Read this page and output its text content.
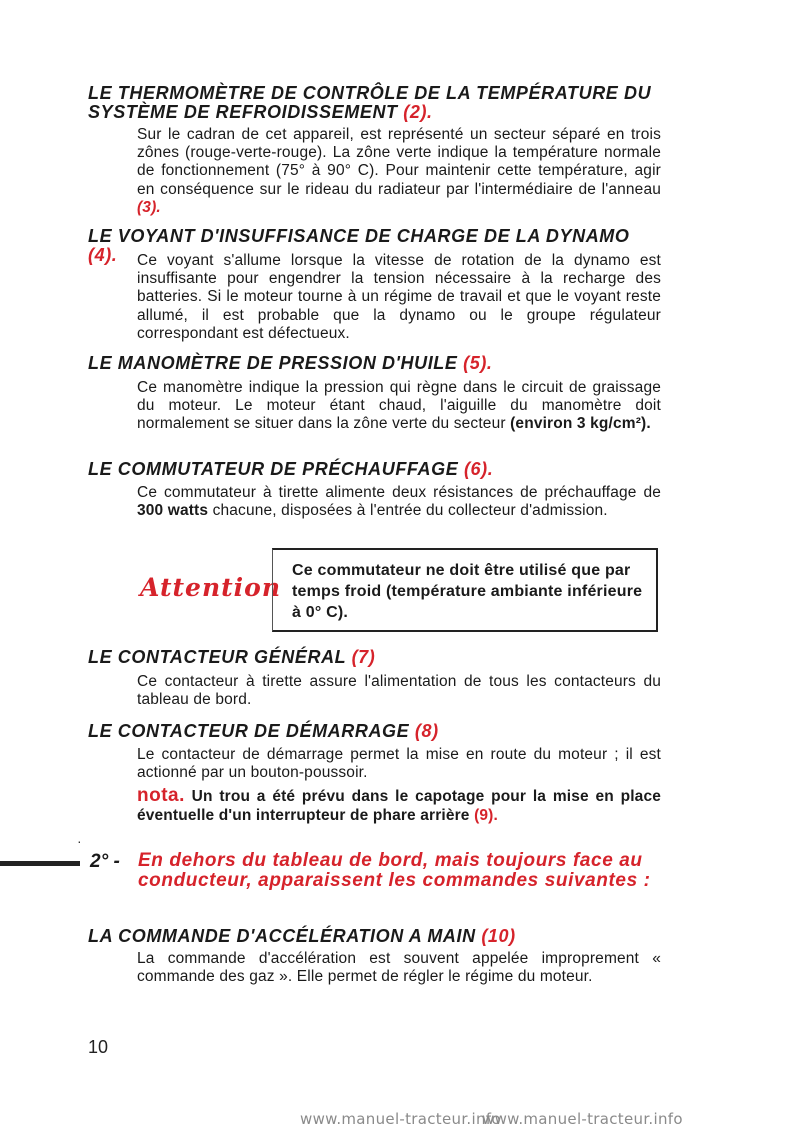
LE THERMOMÈTRE DE CONTRÔLE DE LA TEMPÉRATURE DU SYSTÈME DE REFROIDISSEMENT (2).
Sur le cadran de cet appareil, est représenté un secteur séparé en trois zônes (rouge-verte-rouge). La zône verte indique la température normale de fonctionnement (75° à 90° C). Pour maintenir cette température, agir en conséquence sur le rideau du radiateur par l'intermédiaire de l'anneau (3).
LE VOYANT D'INSUFFISANCE DE CHARGE DE LA DYNAMO (4).	Ce voyant s'allume lorsque la vitesse de rotation de la dynamo est insuffisante pour engendrer la tension nécessaire à la recharge des batteries. Si le moteur tourne à un régime de travail et que le voyant reste allumé, il est probable que la dynamo ou le groupe régulateur correspondant est défectueux.
LE MANOMÈTRE DE PRESSION D'HUILE (5).
Ce manomètre indique la pression qui règne dans le circuit de graissage du moteur. Le moteur étant chaud, l'aiguille du manomètre doit normalement se situer dans la zône verte du secteur (environ 3 kg/cm²).
LE COMMUTATEUR DE PRÉCHAUFFAGE (6).
Ce commutateur à tirette alimente deux résistances de préchauffage de 300 watts chacune, disposées à l'entrée du collecteur d'admission.
Attention
Ce commutateur ne doit être utilisé que par temps froid (température ambiante inférieure à 0° C).
LE CONTACTEUR GÉNÉRAL (7)
Ce contacteur à tirette assure l'alimentation de tous les contacteurs du tableau de bord.
LE CONTACTEUR DE DÉMARRAGE (8)
Le contacteur de démarrage permet la mise en route du moteur ; il est actionné par un bouton-poussoir.
nota. Un trou a été prévu dans le capotage pour la mise en place éventuelle d'un interrupteur de phare arrière (9).
·
2° - En dehors du tableau de bord, mais toujours face au conducteur, apparaissent les commandes suivantes :
LA COMMANDE D'ACCÉLÉRATION A MAIN (10)
La commande d'accélération est souvent appelée improprement « commande des gaz ». Elle permet de régler le régime du moteur.
10
www.manuel-tracteur.info
www.manuel-tracteur.info
